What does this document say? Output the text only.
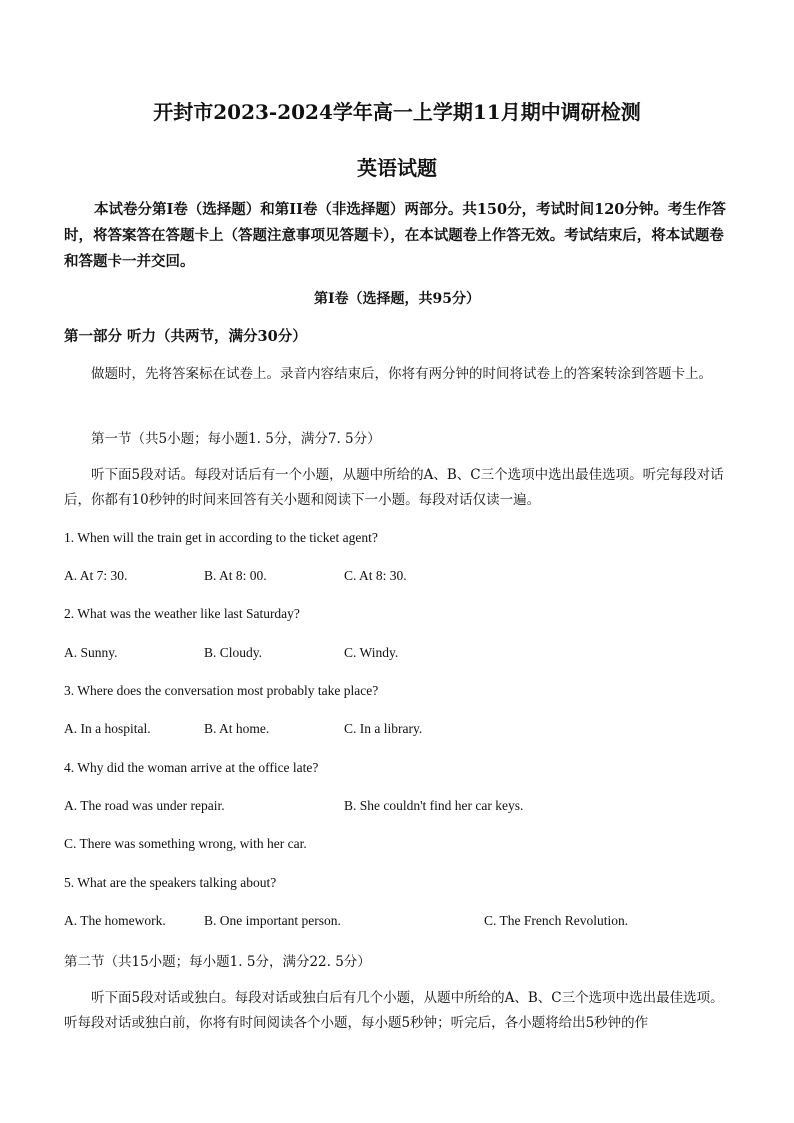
开封市2023-2024学年高一上学期11月期中调研检测
英语试题
本试卷分第I卷（选择题）和第II卷（非选择题）两部分。共150分，考试时间120分钟。考生作答时，将答案答在答题卡上（答题注意事项见答题卡），在本试题卷上作答无效。考试结束后，将本试题卷和答题卡一并交回。
第I卷（选择题，共95分）
第一部分 听力（共两节，满分30分）
做题时，先将答案标在试卷上。录音内容结束后，你将有两分钟的时间将试卷上的答案转涂到答题卡上。
第一节（共5小题；每小题1. 5分，满分7. 5分）
听下面5段对话。每段对话后有一个小题，从题中所给的A、B、C三个选项中选出最佳选项。听完每段对话后，你都有10秒钟的时间来回答有关小题和阅读下一小题。每段对话仅读一遍。
1. When will the train get in according to the ticket agent?
A. At 7: 30.	B. At 8: 00.	C. At 8: 30.
2. What was the weather like last Saturday?
A. Sunny.	B. Cloudy.	C. Windy.
3. Where does the conversation most probably take place?
A. In a hospital.	B. At home.	C. In a library.
4. Why did the woman arrive at the office late?
A. The road was under repair.	B. She couldn't find her car keys.
C. There was something wrong, with her car.
5. What are the speakers talking about?
A. The homework.	B. One important person.	C. The French Revolution.
第二节（共15小题；每小题1. 5分，满分22. 5分）
听下面5段对话或独白。每段对话或独白后有几个小题，从题中所给的A、B、C三个选项中选出最佳选项。听每段对话或独白前，你将有时间阅读各个小题，每小题5秒钟；听完后，各小题将给出5秒钟的作
